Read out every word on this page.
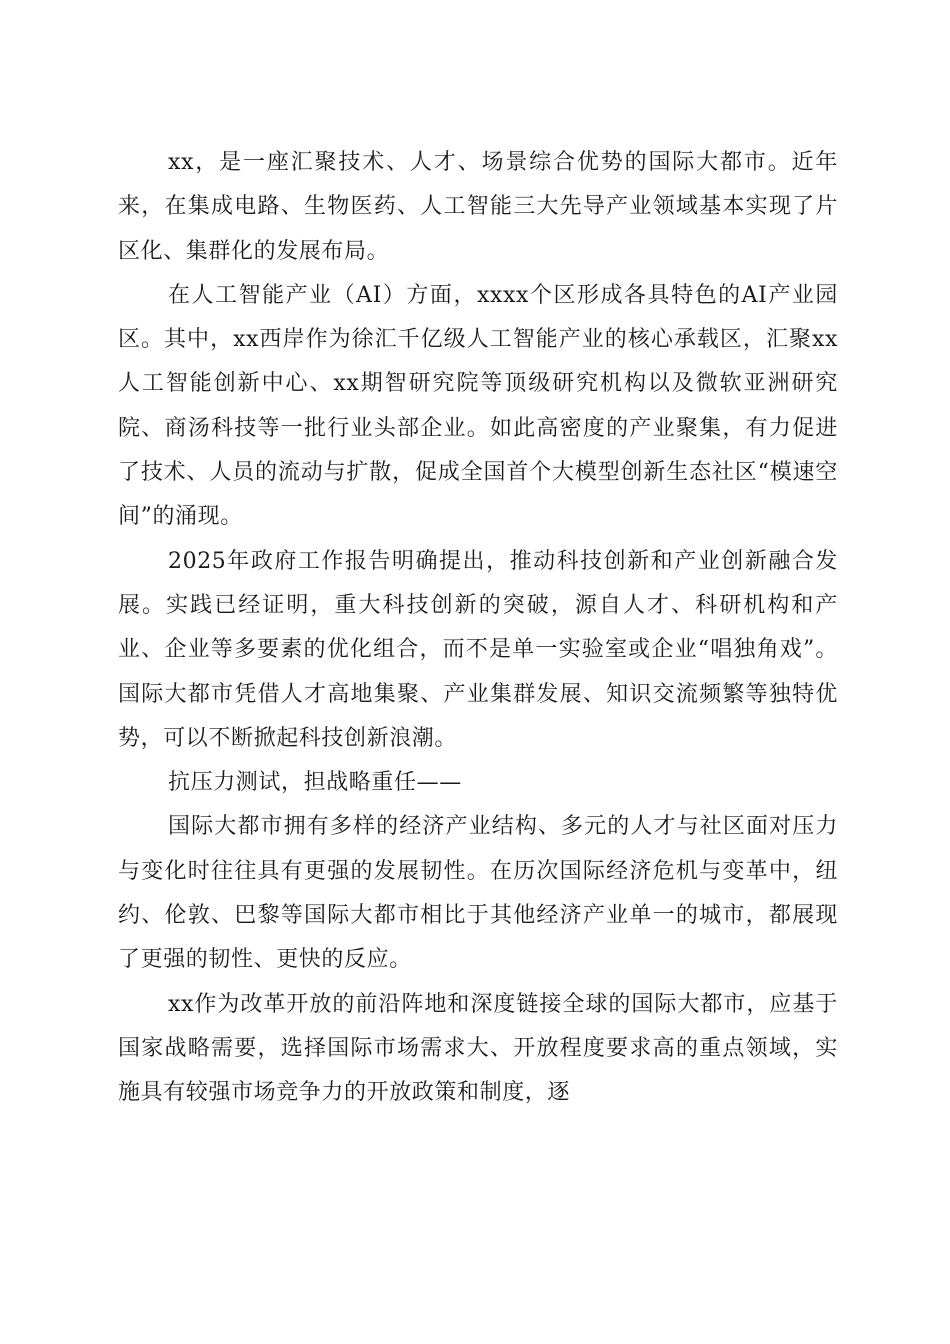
xx，是一座汇聚技术、人才、场景综合优势的国际大都市。近年来，在集成电路、生物医药、人工智能三大先导产业领域基本实现了片区化、集群化的发展布局。

在人工智能产业（AI）方面，xxxx个区形成各具特色的AI产业园区。其中，xx西岸作为徐汇千亿级人工智能产业的核心承载区，汇聚xx人工智能创新中心、xx期智研究院等顶级研究机构以及微软亚洲研究院、商汤科技等一批行业头部企业。如此高密度的产业聚集，有力促进了技术、人员的流动与扩散，促成全国首个大模型创新生态社区“模速空间”的涌现。

2025年政府工作报告明确提出，推动科技创新和产业创新融合发展。实践已经证明，重大科技创新的突破，源自人才、科研机构和产业、企业等多要素的优化组合，而不是单一实验室或企业“唱独角戏”。国际大都市凭借人才高地集聚、产业集群发展、知识交流频繁等独特优势，可以不断掀起科技创新浪潮。

抗压力测试，担战略重任——

国际大都市拥有多样的经济产业结构、多元的人才与社区面对压力与变化时往往具有更强的发展韧性。在历次国际经济危机与变革中，纽约、伦敦、巴黎等国际大都市相比于其他经济产业单一的城市，都展现了更强的韧性、更快的反应。

xx作为改革开放的前沿阵地和深度链接全球的国际大都市，应基于国家战略需要，选择国际市场需求大、开放程度要求高的重点领域，实施具有较强市场竞争力的开放政策和制度，逐
